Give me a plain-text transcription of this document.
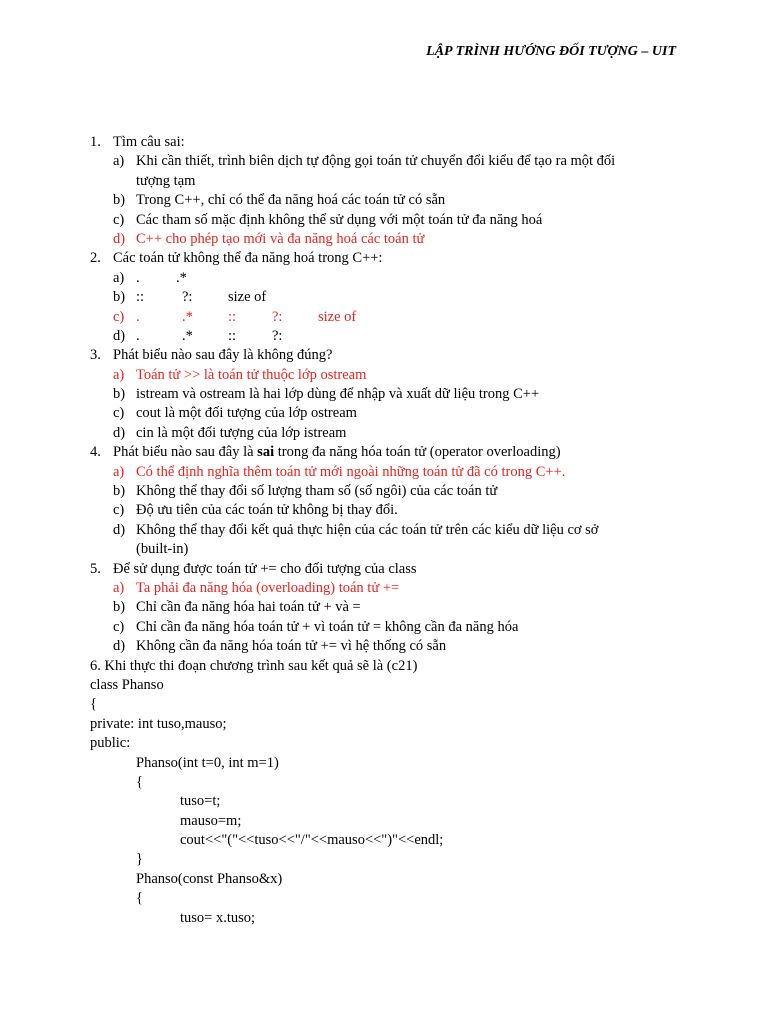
LẬP TRÌNH HƯỚNG ĐỐI TƯỢNG – UIT
1. Tìm câu sai:
a) Khi cần thiết, trình biên dịch tự động gọi toán tử chuyển đổi kiểu để tạo ra một đối
tượng tạm
b) Trong C++, chỉ có thể đa năng hoá các toán tử có sẵn
c) Các tham số mặc định không thể sử dụng với một toán tử đa năng hoá
d) C++ cho phép tạo mới và đa năng hoá các toán tử
2. Các toán tử không thể đa năng hoá trong C++:
a) .	.*
b) ::	?: size of
c) .	.* :: ?: size of
d) .	.* :: ?:
3. Phát biểu nào sau đây là không đúng?
a) Toán tử >> là toán tử thuộc lớp ostream
b) istream và ostream là hai lớp dùng để nhập và xuất dữ liệu trong C++
c) cout là một đối tượng của lớp ostream
d) cin là một đối tượng của lớp istream
4. Phát biểu nào sau đây là sai trong đa năng hóa toán tử (operator overloading)
a) Có thể định nghĩa thêm toán tử mới ngoài những toán tử đã có trong C++.
b) Không thể thay đổi số lượng tham số (số ngôi) của các toán tử
c) Độ ưu tiên của các toán tử không bị thay đổi.
d) Không thể thay đổi kết quả thực hiện của các toán tử trên các kiểu dữ liệu cơ sở
(built-in)
5. Để sử dụng được toán tử += cho đối tượng của class
a) Ta phải đa năng hóa (overloading) toán tử +=
b) Chỉ cần đa năng hóa hai toán tử + và =
c) Chỉ cần đa năng hóa toán tử + vì toán tử = không cần đa năng hóa
d) Không cần đa năng hóa toán tử += vì hệ thống có sẵn
6. Khi thực thi đoạn chương trình sau kết quả sẽ là (c21)
class Phanso
{
private: int tuso,mauso;
public:
Phanso(int t=0, int m=1)
{
tuso=t;
mauso=m;
cout<<"("<<tuso<<"/"<<mauso<<")"<<endl;
}
Phanso(const Phanso&x)
{
tuso= x.tuso;
